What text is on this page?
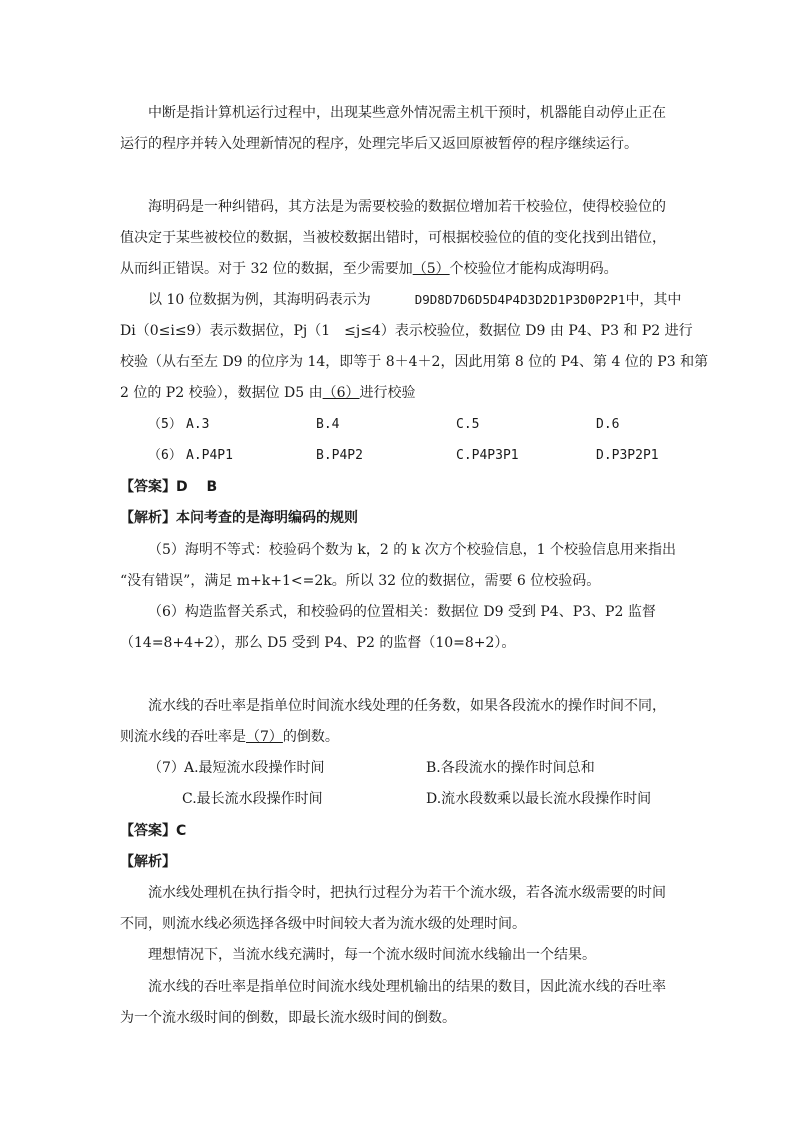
中断是指计算机运行过程中，出现某些意外情况需主机干预时，机器能自动停止正在
运行的程序并转入处理新情况的程序，处理完毕后又返回原被暂停的程序继续运行。
海明码是一种纠错码，其方法是为需要校验的数据位增加若干校验位，使得校验位的
值决定于某些被校位的数据，当被校数据出错时，可根据校验位的值的变化找到出错位，
从而纠正错误。对于 32 位的数据，至少需要加（5）个校验位才能构成海明码。
以 10 位数据为例，其海明码表示为	D9D8D7D6D5D4P4D3D2D1P3D0P2P1中，其中
Di（0≤i≤9）表示数据位，Pj（1 ≤j≤4）表示校验位，数据位 D9 由 P4、P3 和 P2 进行
校验（从右至左 D9 的位序为 14，即等于 8＋4＋2，因此用第 8 位的 P4、第 4 位的 P3 和第
2 位的 P2 校验），数据位 D5 由（6）进行校验
（5） A.3	B.4	C.5	D.6
（6） A.P4P1	B.P4P2	C.P4P3P1	D.P3P2P1
【答案】D　 B
【解析】本问考查的是海明编码的规则
（5）海明不等式：校验码个数为 k，2 的 k 次方个校验信息，1 个校验信息用来指出
“没有错误”，满足 m+k+1<=2k。所以 32 位的数据位，需要 6 位校验码。
（6）构造监督关系式，和校验码的位置相关：数据位 D9 受到 P4、P3、P2 监督
（14=8+4+2），那么 D5 受到 P4、P2 的监督（10=8+2）。
流水线的吞吐率是指单位时间流水线处理的任务数，如果各段流水的操作时间不同，
则流水线的吞吐率是（7）的倒数。
（7） A.最短流水段操作时间	B.各段流水的操作时间总和
C.最长流水段操作时间	D.流水段数乘以最长流水段操作时间
【答案】C
【解析】
流水线处理机在执行指令时，把执行过程分为若干个流水级，若各流水级需要的时间
不同，则流水线必须选择各级中时间较大者为流水级的处理时间。
理想情况下，当流水线充满时，每一个流水级时间流水线输出一个结果。
流水线的吞吐率是指单位时间流水线处理机输出的结果的数目，因此流水线的吞吐率
为一个流水级时间的倒数，即最长流水级时间的倒数。
